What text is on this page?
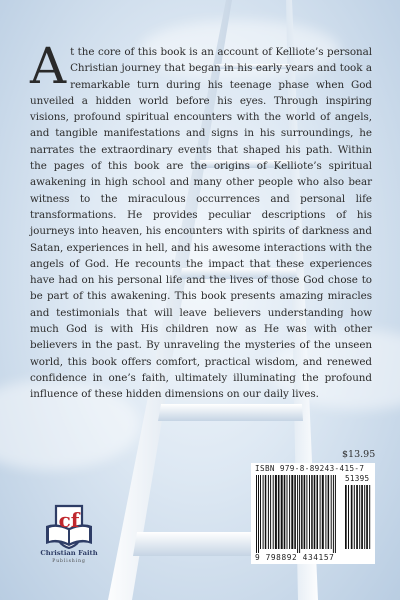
At the core of this book is an account of Kelliote’s personal Christian journey that began in his early years and took a remarkable turn during his teenage phase when God unveiled a hidden world before his eyes. Through inspiring visions, profound spiritual encounters with the world of angels, and tangible manifestations and signs in his surroundings, he narrates the extraordinary events that shaped his path. Within the pages of this book are the origins of Kelliote’s spiritual awakening in high school and many other people who also bear witness to the miraculous occurrences and personal life transformations. He provides peculiar descriptions of his journeys into heaven, his encounters with spirits of darkness and Satan, experiences in hell, and his awesome interactions with the angels of God. He recounts the impact that these experiences have had on his personal life and the lives of those God chose to be part of this awakening. This book presents amazing miracles and testimonials that will leave believers understanding how much God is with His children now as He was with other believers in the past. By unraveling the mysteries of the unseen world, this book offers comfort, practical wisdom, and renewed confidence in one’s faith, ultimately illuminating the profound influence of these hidden dimensions on our daily lives.
$13.95
ISBN 979-8-89243-415-7
51395
9 798892 434157
cf
Christian Faith
Publishing
